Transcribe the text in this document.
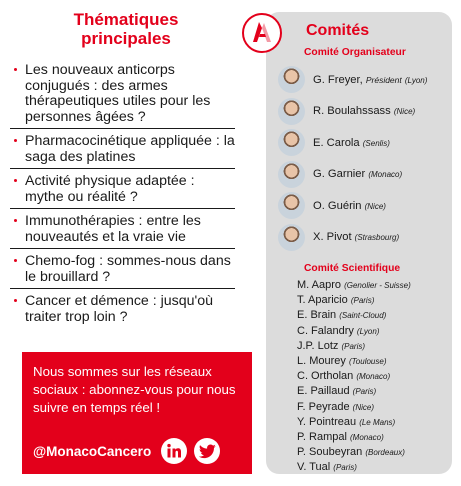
Thématiques
principales
Les nouveaux anticorps conjugués : des armes thérapeutiques utiles pour les personnes âgées ?
Pharmacocinétique appliquée : la saga des platines
Activité physique adaptée : mythe ou réalité ?
Immunothérapies : entre les nouveautés et la vraie vie
Chemo-fog : sommes-nous dans le brouillard ?
Cancer et démence : jusqu'où traiter trop loin ?
Nous sommes sur les réseaux sociaux : abonnez-vous pour nous suivre en temps réel !
@MonacoCancero
Comités
Comité Organisateur
G. Freyer, Président (Lyon)
R. Boulahssass (Nice)
E. Carola (Senlis)
G. Garnier (Monaco)
O. Guérin (Nice)
X. Pivot (Strasbourg)
Comité Scientifique
M. Aapro (Genolier - Suisse)
T. Aparicio (Paris)
E. Brain (Saint-Cloud)
C. Falandry (Lyon)
J.P. Lotz (Paris)
L. Mourey (Toulouse)
C. Ortholan (Monaco)
E. Paillaud (Paris)
F. Peyrade (Nice)
Y. Pointreau (Le Mans)
P. Rampal (Monaco)
P. Soubeyran (Bordeaux)
V. Tual (Paris)
